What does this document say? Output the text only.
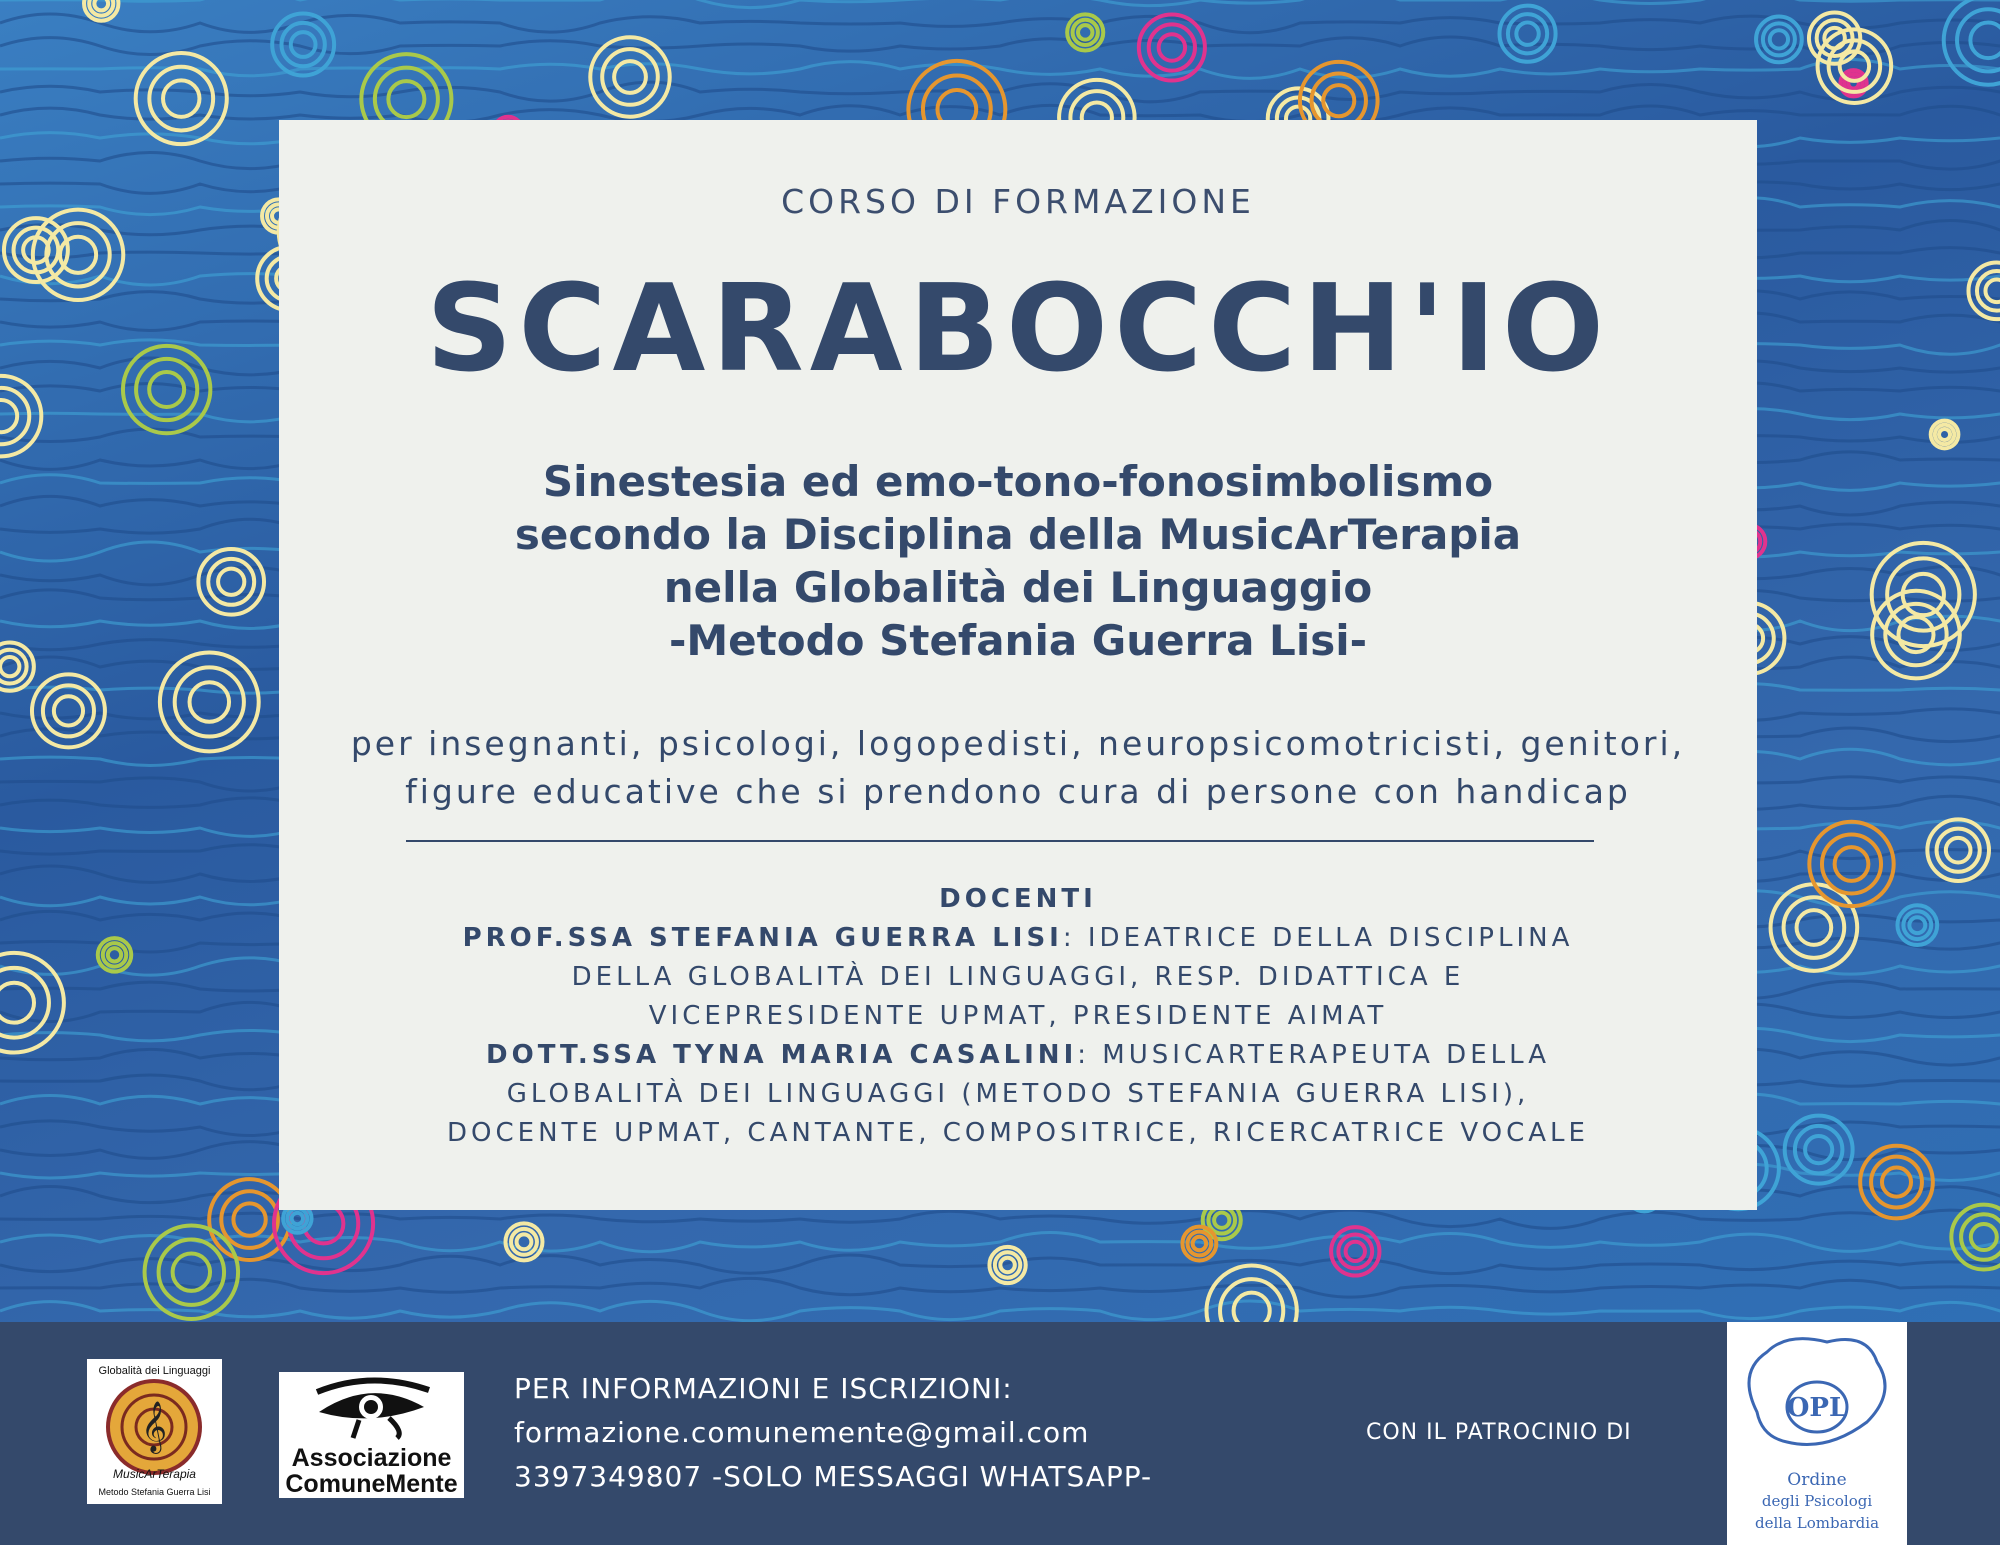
CORSO DI FORMAZIONE
SCARABOCCH'IO
Sinestesia ed emo-tono-fonosimbolismo
secondo la Disciplina della MusicArTerapia
nella Globalità dei Linguaggio
-Metodo Stefania Guerra Lisi-
per insegnanti, psicologi, logopedisti, neuropsicomotricisti, genitori,
figure educative che si prendono cura di persone con handicap
DOCENTI
PROF.SSA STEFANIA GUERRA LISI: IDEATRICE DELLA DISCIPLINA
DELLA GLOBALITÀ DEI LINGUAGGI, RESP. DIDATTICA E
VICEPRESIDENTE UPMAT, PRESIDENTE AIMAT
DOTT.SSA TYNA MARIA CASALINI: MUSICARTERAPEUTA DELLA
GLOBALITÀ DEI LINGUAGGI (METODO STEFANIA GUERRA LISI),
DOCENTE UPMAT, CANTANTE, COMPOSITRICE, RICERCATRICE VOCALE
𝄞
Globalità dei Linguaggi
MusicArTerapia
Metodo Stefania Guerra Lisi
Associazione
ComuneMente
PER INFORMAZIONI E ISCRIZIONI:
formazione.comunemente@gmail.com
3397349807 -SOLO MESSAGGI WHATSAPP-
CON IL PATROCINIO DI
OPL
Ordine
degli Psicologi
della Lombardia
